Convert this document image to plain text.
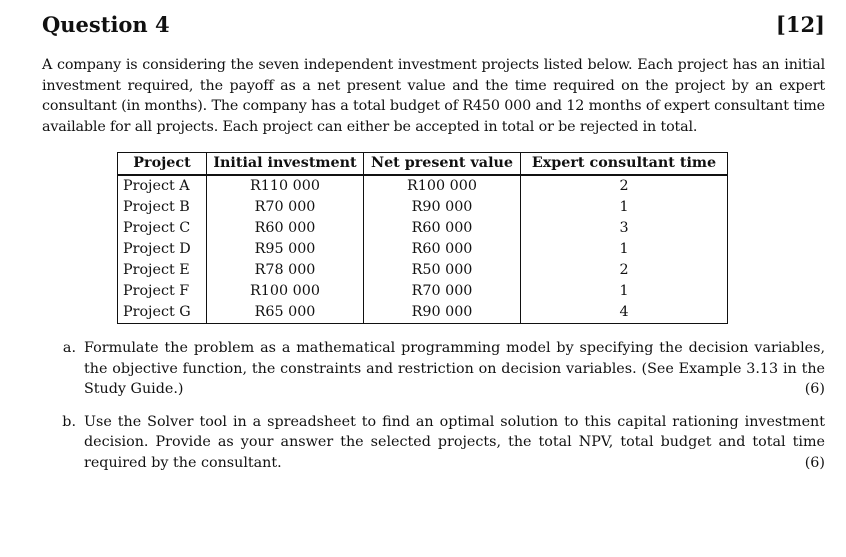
Question 4	[12]
A company is considering the seven independent investment projects listed below. Each project has an initial investment required, the payoff as a net present value and the time required on the project by an expert consultant (in months). The company has a total budget of R450 000 and 12 months of expert consultant time available for all projects. Each project can either be accepted in total or be rejected in total.
Project	Initial investment	Net present value	Expert consultant time
Project A	R110 000	R100 000	2
Project B	R70 000	R90 000	1
Project C	R60 000	R60 000	3
Project D	R95 000	R60 000	1
Project E	R78 000	R50 000	2
Project F	R100 000	R70 000	1
Project G	R65 000	R90 000	4
a. Formulate the problem as a mathematical programming model by specifying the decision variables, the objective function, the constraints and restriction on decision variables. (See Example 3.13 in the Study Guide.)	(6)
b. Use the Solver tool in a spreadsheet to find an optimal solution to this capital rationing investment decision. Provide as your answer the selected projects, the total NPV, total budget and total time required by the consultant.	(6)
